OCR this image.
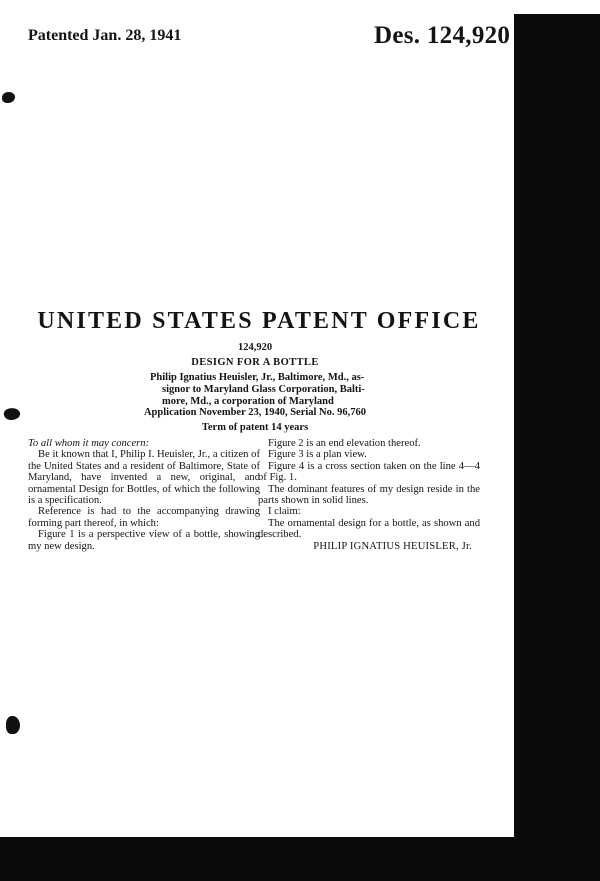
Patented Jan. 28, 1941	Des. 124,920
UNITED STATES PATENT OFFICE
124,920
DESIGN FOR A BOTTLE
Philip Ignatius Heuisler, Jr., Baltimore, Md., as-
signor to Maryland Glass Corporation, Balti-
more, Md., a corporation of Maryland
Application November 23, 1940, Serial No. 96,760
Term of patent 14 years

To all whom it may concern:

Be it known that I, Philip I. Heuisler, Jr., a citizen of the United States and a resident of Baltimore, State of Maryland, have invented a new, original, and ornamental Design for Bottles, of which the following is a specification.

Reference is had to the accompanying drawing forming part thereof, in which:

Figure 1 is a perspective view of a bottle, showing my new design.

Figure 2 is an end elevation thereof.

Figure 3 is a plan view.

Figure 4 is a cross section taken on the line 4—4 of Fig. 1.

The dominant features of my design reside in the parts shown in solid lines.

I claim:

The ornamental design for a bottle, as shown and described.

PHILIP IGNATIUS HEUISLER, Jr.
